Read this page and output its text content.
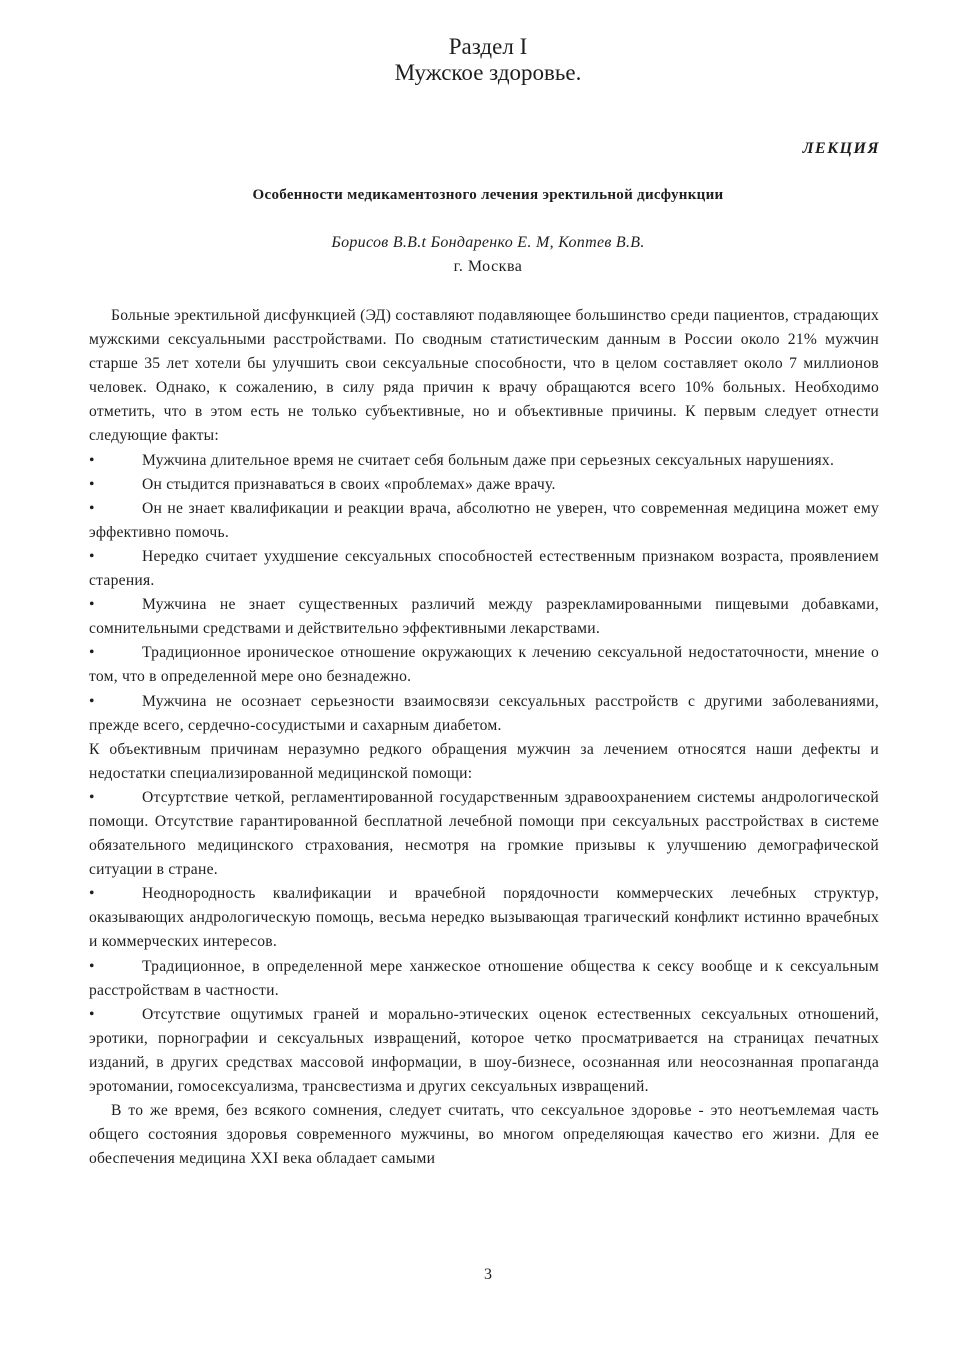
Раздел I
Мужское здоровье.
ЛЕКЦИЯ
Особенности медикаментозного лечения эректильной дисфункции
Борисов В.В.t Бондаренко Е. М, Коптев В.В.
г. Москва

Больные эректильной дисфункцией (ЭД) составляют подавляющее большинство среди пациентов, страдающих мужскими сексуальными расстройствами. По сводным статистическим данным в России около 21% мужчин старше 35 лет хотели бы улучшить свои сексуальные способности, что в целом составляет около 7 миллионов человек. Однако, к сожалению, в силу ряда причин к врачу обращаются всего 10% больных. Необходимо отметить, что в этом есть не только субъективные, но и объективные причины. К первым следует отнести следующие факты:

•	Мужчина длительное время не считает себя больным даже при серьезных сексуальных нарушениях.

•	Он стыдится признаваться в своих «проблемах» даже врачу.

•	Он не знает квалификации и реакции врача, абсолютно не уверен, что современная медицина может ему эффективно помочь.

•	Нередко считает ухудшение сексуальных способностей естественным признаком возраста, проявлением старения.

•	Мужчина не знает существенных различий между разрекламированными пищевыми добавками, сомнительными средствами и действительно эффективными лекарствами.

•	Традиционное ироническое отношение окружающих к лечению сексуальной недостаточности, мнение о том, что в определенной мере оно безнадежно.

•	Мужчина не осознает серьезности взаимосвязи сексуальных расстройств с другими заболеваниями, прежде всего, сердечно-сосудистыми и сахарным диабетом.

К объективным причинам неразумно редкого обращения мужчин за лечением относятся наши дефекты и недостатки специализированной медицинской помощи:

•	Отсуртствие четкой, регламентированной государственным здравоохранением системы андрологической помощи. Отсутствие гарантированной бесплатной лечебной помощи при сексуальных расстройствах в системе обязательного медицинского страхования, несмотря на громкие призывы к улучшению демографической ситуации в стране.

•	Неоднородность квалификации и врачебной порядочности коммерческих лечебных структур, оказывающих андрологическую помощь, весьма нередко вызывающая трагический конфликт истинно врачебных и коммерческих интересов.

•	Традиционное, в определенной мере ханжеское отношение общества к сексу вообще и к сексуальным расстройствам в частности.

•	Отсутствие ощутимых граней и морально-этических оценок естественных сексуальных отношений, эротики, порнографии и сексуальных извращений, которое четко просматривается на страницах печатных изданий, в других средствах массовой информации, в шоу-бизнесе, осознанная или неосознанная пропаганда эротомании, гомосексуализма, трансвестизма и других сексуальных извращений.

В то же время, без всякого сомнения, следует считать, что сексуальное здоровье - это неотъемлемая часть общего состояния здоровья современного мужчины, во многом определяющая качество его жизни. Для ее обеспечения медицина XXI века обладает самыми

3
